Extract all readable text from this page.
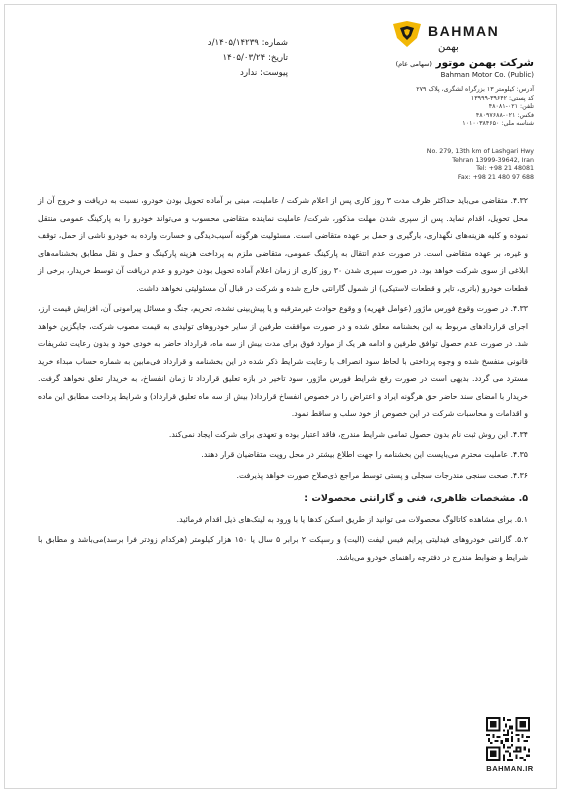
شماره: ۱۴۰۵/۱۴۲۳۹/د
تاریخ: ۱۴۰۵/۰۳/۲۴
پیوست: ندارد
BAHMAN
بهمن
شرکت بهمن موتور (سهامی عام)
Bahman Motor Co. (Public)
آدرس: کیلومتر ۱۳ بزرگراه لشگری، پلاک ۲۷۹
کد پستی: ۳۹۶۴۲-۱۳۹۹۹
تلفن: ۰۲۱-۴۸۰۸۱
فکس: ۰۲۱-۴۸۰۹۷۶۸۸
شناسه ملی: ۱۰۱۰۰۳۸۴۶۵۰
No. 279, 13th km of Lashgari Hwy
Tehran 13999-39642, Iran
Tel: +98 21 48081
Fax: +98 21 480 97 688

۴.۳۲. متقاضی می‌باید حداکثر ظرف مدت ۳ روز کاری پس از اعلام شرکت / عاملیت، مبنی بر آماده تحویل بودن خودرو، نسبت به دریافت و خروج آن از محل تحویل، اقدام نماید. پس از سپری شدن مهلت مذکور، شرکت/ عاملیت نماینده متقاضی محسوب و می‌تواند خودرو را به پارکینگ عمومی منتقل نموده و کلیه هزینه‌های نگهداری، بارگیری و حمل بر عهده متقاضی است. مسئولیت هرگونه آسیب‌دیدگی و خسارت وارده به خودرو ناشی از حمل، توقف و غیره، بر عهده متقاضی است. در صورت عدم انتقال به پارکینگ عمومی، متقاضی ملزم به پرداخت هزینه پارکینگ و حمل و نقل مطابق بخشنامه‌های ابلاغی از سوی شرکت خواهد بود. در صورت سپری شدن ۳۰ روز کاری از زمان اعلام آماده تحویل بودن خودرو و عدم دریافت آن توسط خریدار، برخی از قطعات خودرو (باتری، تایر و قطعات لاستیکی) از شمول گارانتی خارج شده و شرکت در قبال آن مسئولیتی نخواهد داشت.

۴.۳۳. در صورت وقوع فورس ماژور (عوامل قهریه) و وقوع حوادث غیرمترقبه و یا پیش‌بینی نشده، تحریم، جنگ و مسائل پیرامونی آن، افزایش قیمت ارز، اجرای قراردادهای مربوط به این بخشنامه معلق شده و در صورت موافقت طرفین از سایر خودروهای تولیدی به قیمت مصوب شرکت، جایگزین خواهد شد. در صورت عدم حصول توافق طرفین و ادامه هر یک از موارد فوق برای مدت بیش از سه ماه، قرارداد حاضر به خودی خود و بدون رعایت تشریفات قانونی منفسخ شده و وجوه پرداختی با لحاظ سود انصراف با رعایت شرایط ذکر شده در این بخشنامه و قرارداد فی‌مابین به شماره حساب مبداء خرید مسترد می گردد. بدیهی است در صورت رفع شرایط فورس ماژور، سود تاخیر در بازه تعلیق قرارداد تا زمان انفساخ، به خریدار تعلق نخواهد گرفت. خریدار با امضای سند حاضر حق هرگونه ایراد و اعتراض را در خصوص انفساخ قرارداد( بیش از سه ماه تعلیق قرارداد) و شرایط پرداخت مطابق این ماده و اقدامات و محاسبات شرکت در این خصوص از خود سلب و ساقط نمود.

۴.۳۴. این روش ثبت نام بدون حصول تمامی شرایط مندرج، فاقد اعتبار بوده و تعهدی برای شرکت ایجاد نمی‌کند.

۴.۳۵. عاملیت محترم می‌بایست این بخشنامه را جهت اطلاع بیشتر در محل رویت متقاضیان قرار دهند.

۴.۳۶. صحت سنجی مندرجات سجلی و پستی توسط مراجع ذی‌صلاح صورت خواهد پذیرفت.

۵. مشخصات ظاهری، فنی و گارانتی محصولات :

۵.۱. برای مشاهده کاتالوگ محصولات می توانید از طریق اسکن کدها یا با ورود به لینک‌های ذیل اقدام فرمائید.

۵.۲. گارانتی خودروهای فیدلیتی پرایم فیس لیفت (الیت) و رسپکت ۲ برابر ۵ سال یا ۱۵۰ هزار کیلومتر (هرکدام زودتر فرا برسد)می‌باشد و مطابق با شرایط و ضوابط مندرج در دفترچه راهنمای خودرو می‌باشد.

BAHMAN.IR
